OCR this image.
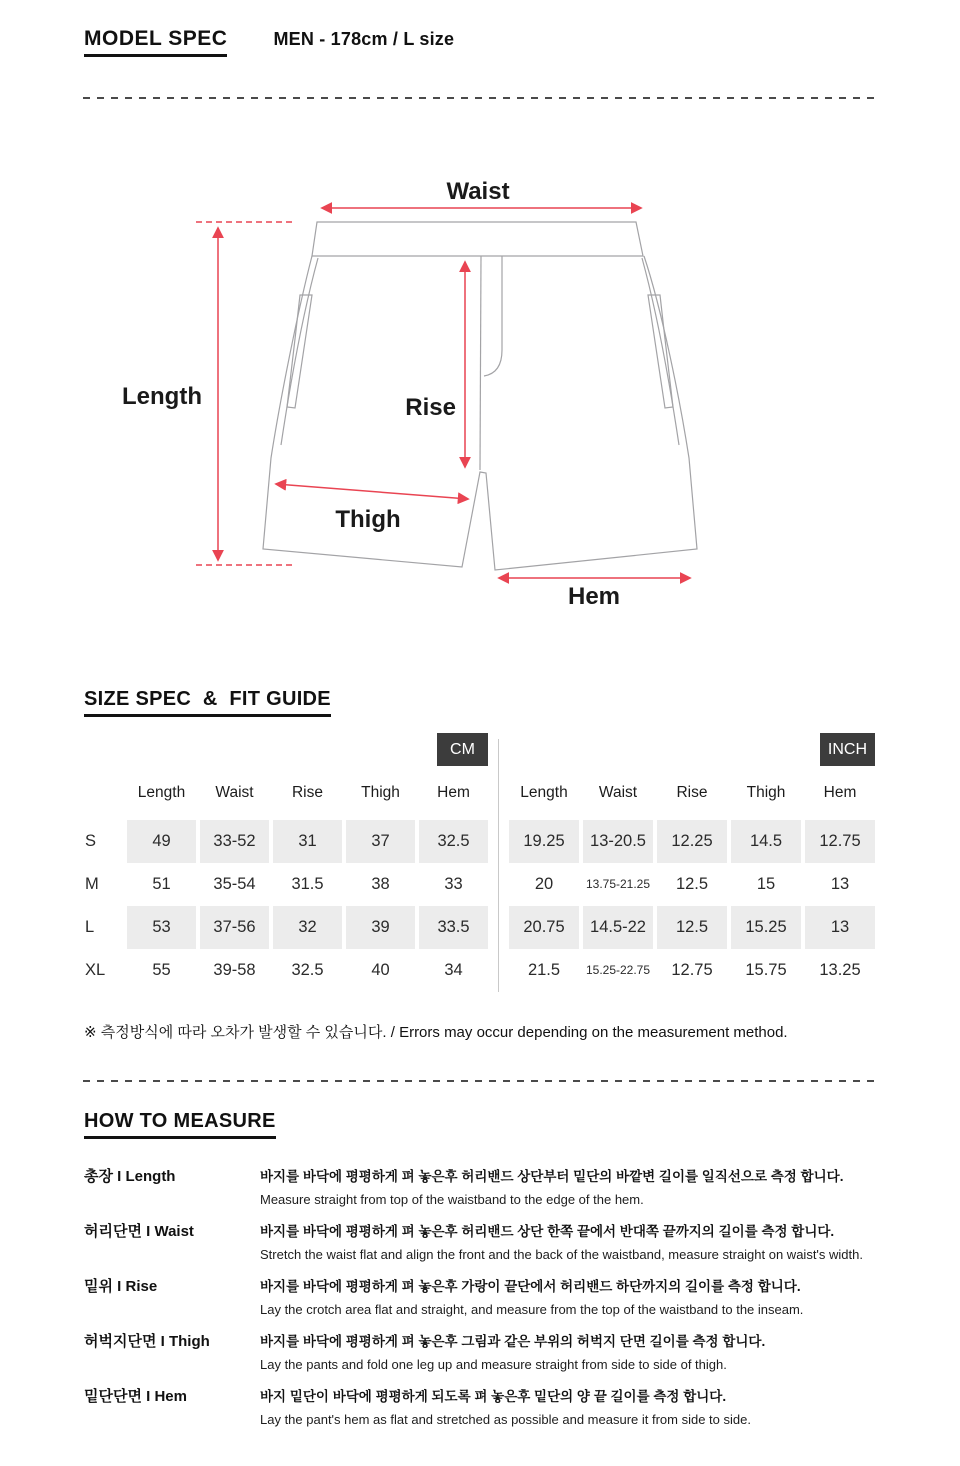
MODEL SPEC	MEN - 178cm / L size
Waist
Length	Rise
Thigh
Hem
SIZE SPEC  &  FIT GUIDE
CM
Length	Waist	Rise	Thigh	Hem
S	49	33-52	31	37	32.5
M	51	35-54	31.5	38	33
L	53	37-56	32	39	33.5
XL	55	39-58	32.5	40	34
INCH
Length	Waist	Rise	Thigh	Hem
19.25	13-20.5	12.25	14.5	12.75
20	13.75-21.25	12.5	15	13
20.75	14.5-22	12.5	15.25	13
21.5	15.25-22.75	12.75	15.75	13.25
※ 측정방식에 따라 오차가 발생할 수 있습니다. / Errors may occur depending on the measurement method.
HOW TO MEASURE
총장 I Length	바지를 바닥에 평평하게 펴 놓은후 허리밴드 상단부터 밑단의 바깥변 길이를 일직선으로 측정 합니다.
Measure straight from top of the waistband to the edge of the hem.
허리단면 I Waist	바지를 바닥에 평평하게 펴 놓은후 허리밴드 상단 한쪽 끝에서 반대쪽 끝까지의 길이를 측정 합니다.
Stretch the waist flat and align the front and the back of the waistband, measure straight on waist's width.
밑위 I Rise	바지를 바닥에 평평하게 펴 놓은후 가랑이 끝단에서 허리밴드 하단까지의 길이를 측정 합니다.
Lay the crotch area flat and straight, and measure from the top of the waistband to the inseam.
허벅지단면 I Thigh	바지를 바닥에 평평하게 펴 놓은후 그림과 같은 부위의 허벅지 단면 길이를 측정 합니다.
Lay the pants and fold one leg up and measure straight from side to side of thigh.
밑단단면 I Hem	바지 밑단이 바닥에 평평하게 되도록 펴 놓은후 밑단의 양 끝 길이를 측정 합니다.
Lay the pant's hem as flat and stretched as possible and measure it from side to side.
